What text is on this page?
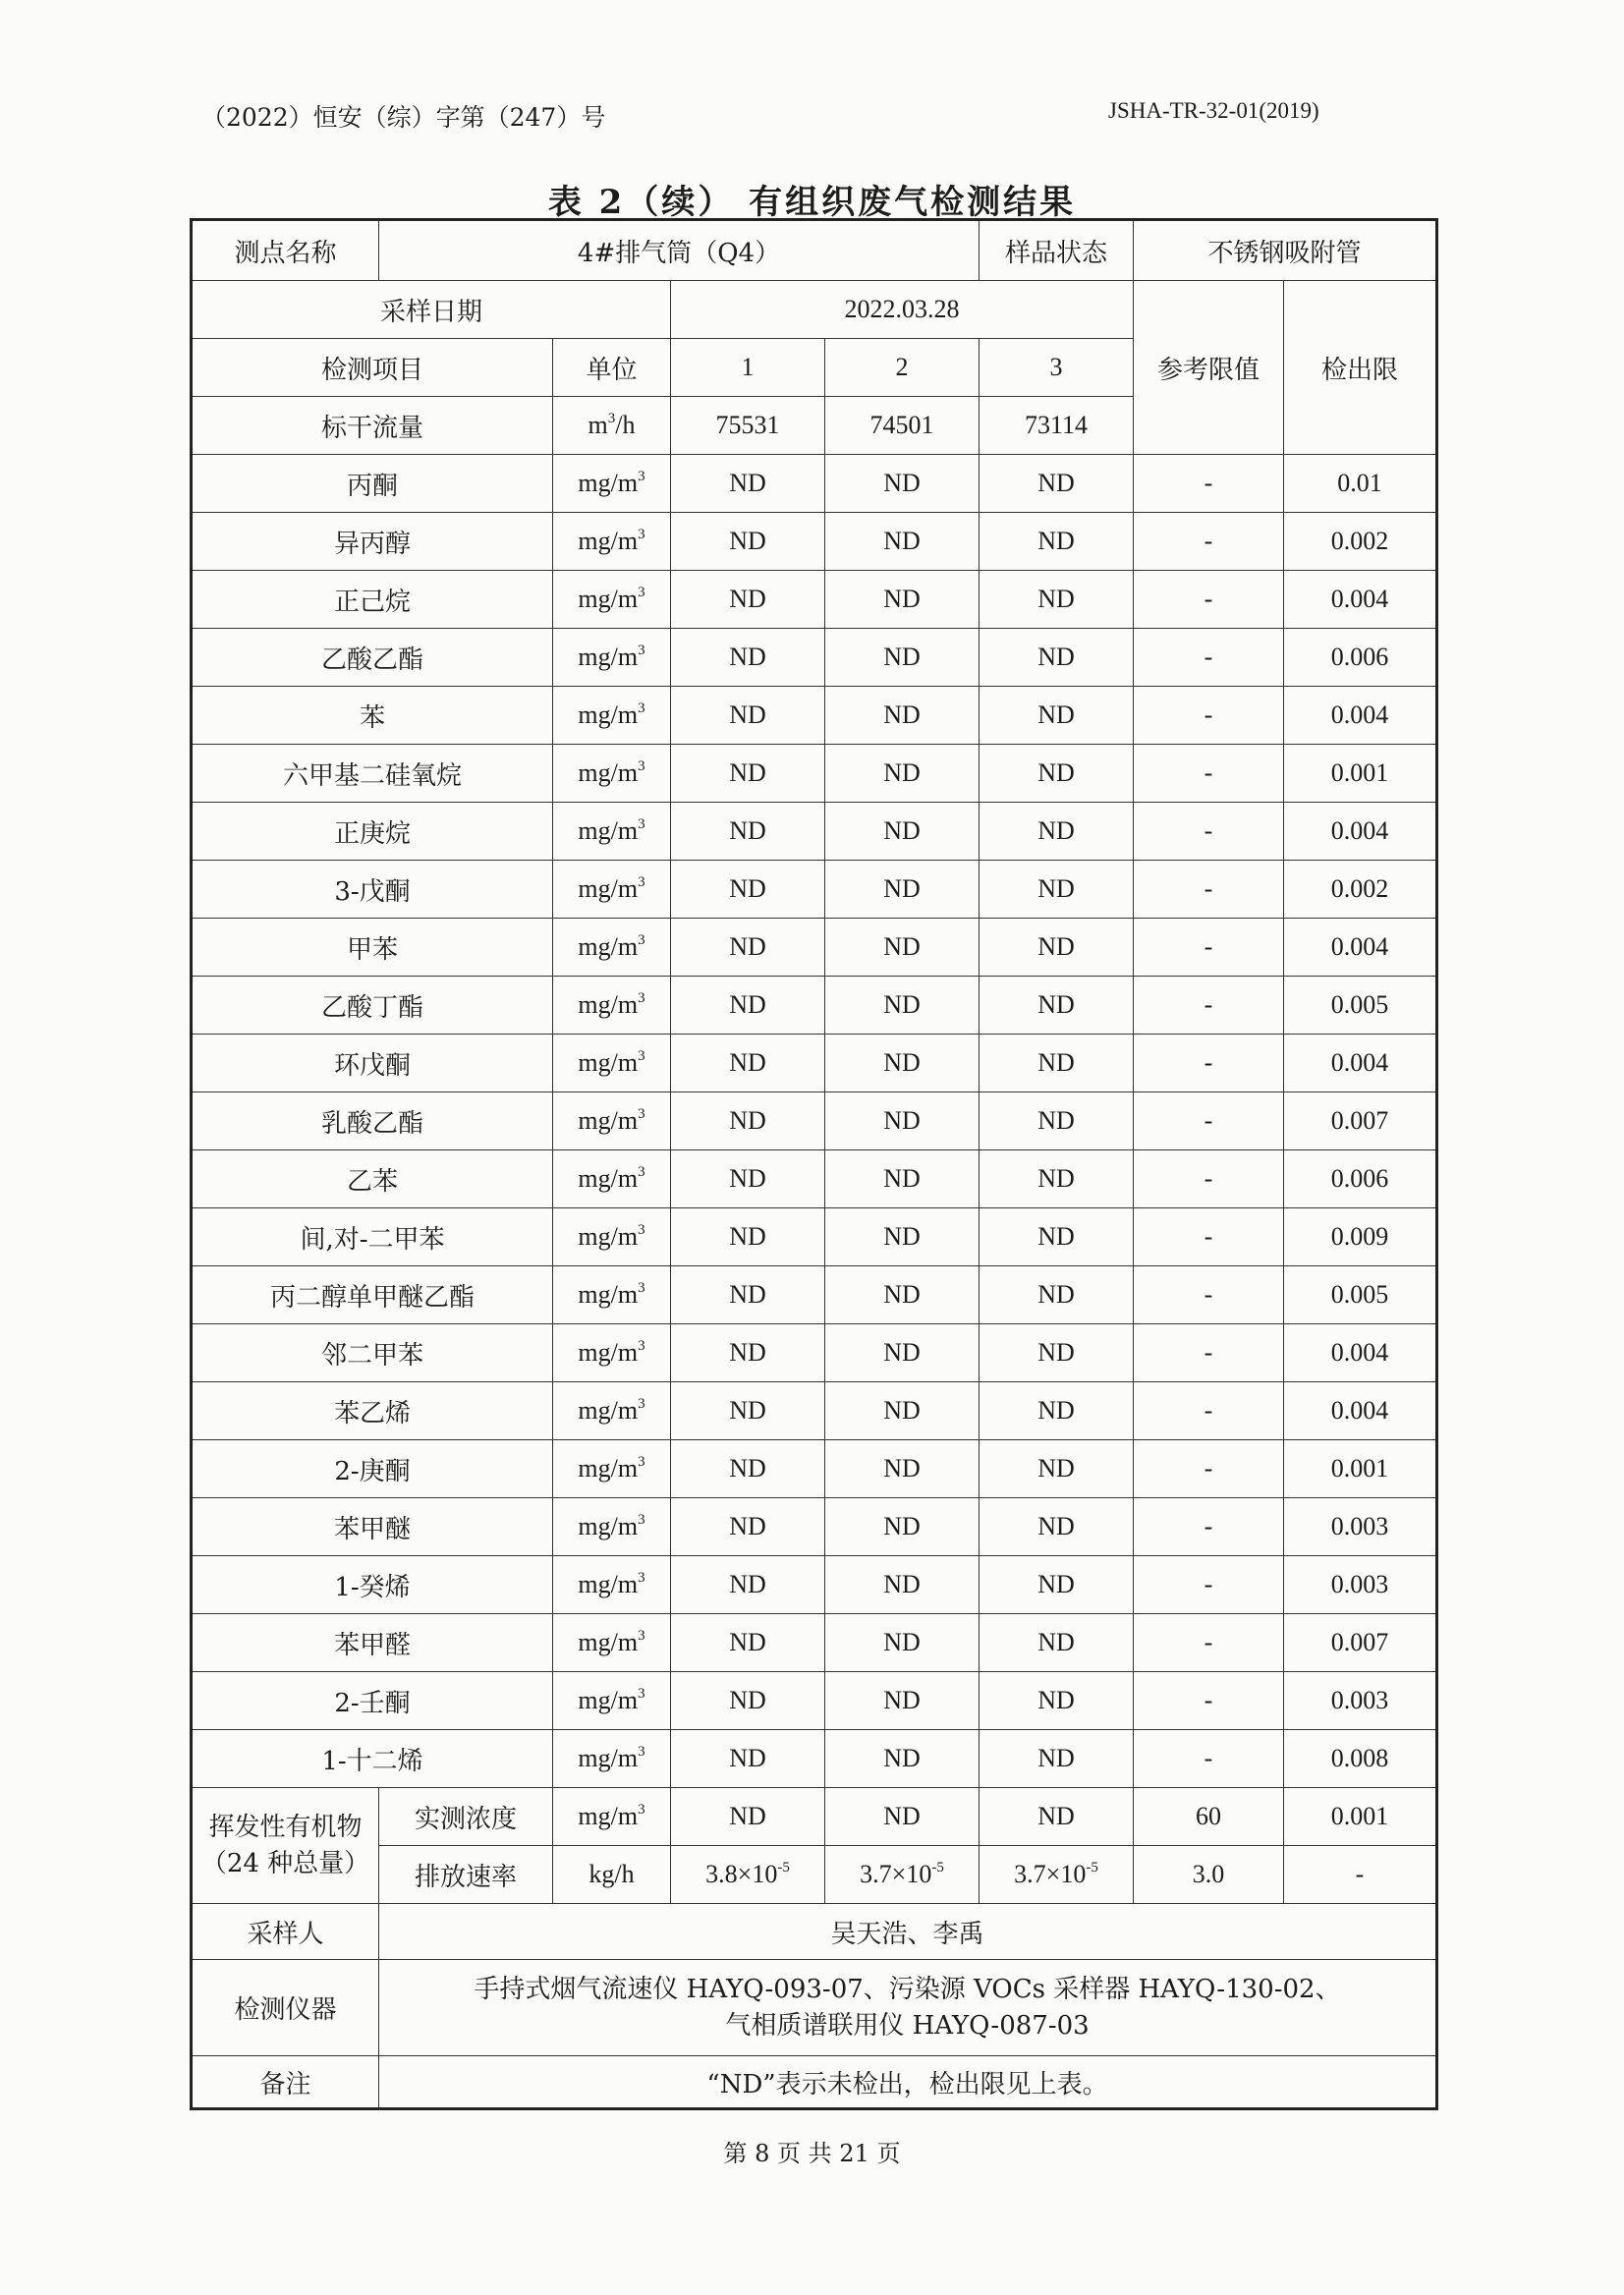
（2022）恒安（综）字第（247）号	JSHA-TR-32-01(2019)
表 2（续） 有组织废气检测结果
测点名称	4#排气筒（Q4）				样品状态	不锈钢吸附管	
采样日期			2022.03.28			参考限值	检出限
检测项目		单位	1	2	3		
标干流量		$m^3/h$	75531	74501	73114		
丙酮		$mg/m^3$	ND	ND	ND	-	0.01
异丙醇		$mg/m^3$	ND	ND	ND	-	0.002
正己烷		$mg/m^3$	ND	ND	ND	-	0.004
乙酸乙酯		$mg/m^3$	ND	ND	ND	-	0.006
苯		$mg/m^3$	ND	ND	ND	-	0.004
六甲基二硅氧烷		$mg/m^3$	ND	ND	ND	-	0.001
正庚烷		$mg/m^3$	ND	ND	ND	-	0.004
3-戊酮		$mg/m^3$	ND	ND	ND	-	0.002
甲苯		$mg/m^3$	ND	ND	ND	-	0.004
乙酸丁酯		$mg/m^3$	ND	ND	ND	-	0.005
环戊酮		$mg/m^3$	ND	ND	ND	-	0.004
乳酸乙酯		$mg/m^3$	ND	ND	ND	-	0.007
乙苯		$mg/m^3$	ND	ND	ND	-	0.006
间,对-二甲苯		$mg/m^3$	ND	ND	ND	-	0.009
丙二醇单甲醚乙酯		$mg/m^3$	ND	ND	ND	-	0.005
邻二甲苯		$mg/m^3$	ND	ND	ND	-	0.004
苯乙烯		$mg/m^3$	ND	ND	ND	-	0.004
2-庚酮		$mg/m^3$	ND	ND	ND	-	0.001
苯甲醚		$mg/m^3$	ND	ND	ND	-	0.003
1-癸烯		$mg/m^3$	ND	ND	ND	-	0.003
苯甲醛		$mg/m^3$	ND	ND	ND	-	0.007
2-壬酮		$mg/m^3$	ND	ND	ND	-	0.003
1-十二烯		$mg/m^3$	ND	ND	ND	-	0.008
挥发性有机物
（24 种总量）	实测浓度	$mg/m^3$	ND	ND	ND	60	0.001
	排放速率	kg/h	$3.8\times 10^{-5}$	$3.7\times 10^{-5}$	$3.7\times 10^{-5}$	3.0	-
采样人	吴天浩、李禹						
检测仪器	手持式烟气流速仪 HAYQ-093-07、污染源 VOCs 采样器 HAYQ-130-02、
气相质谱联用仪 HAYQ-087-03						
备注	“ND”表示未检出，检出限见上表。						
第 8 页 共 21 页
